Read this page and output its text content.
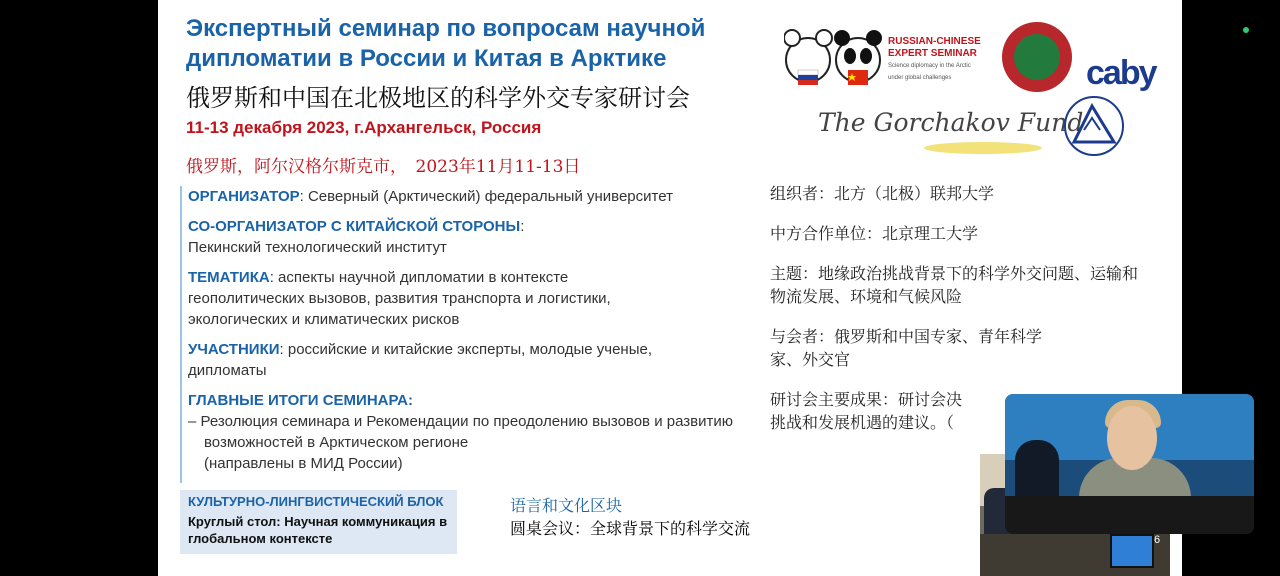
Экспертный семинар по вопросам научной дипломатии в России и Китая в Арктике
俄罗斯和中国在北极地区的科学外交专家研讨会
11-13 декабря 2023, г.Архангельск, Россия
俄罗斯，阿尔汉格尔斯克市，　2023年11月11-13日
RUSSIAN-CHINESE
EXPERT SEMINAR
Science diplomacy in the Arctic under global challenges	caby
The Gorchakov Fund
ОРГАНИЗАТОР: Северный (Арктический) федеральный университет
СО-ОРГАНИЗАТОР С КИТАЙСКОЙ СТОРОНЫ:
Пекинский технологический институт
ТЕМАТИКА: аспекты научной дипломатии в контексте геополитических вызовов, развития транспорта и логистики, экологических и климатических рисков
УЧАСТНИКИ: российские и китайские эксперты, молодые ученые, дипломаты
ГЛАВНЫЕ ИТОГИ СЕМИНАРА:
– Резолюция семинара и Рекомендации по преодолению вызовов и развитию возможностей в Арктическом регионе
(направлены в МИД России)
组织者：北方（北极）联邦大学
中方合作单位：北京理工大学
主题：地缘政治挑战背景下的科学外交问题、运输和物流发展、环境和气候风险
与会者：俄罗斯和中国专家、青年科学家、外交官
研讨会主要成果：研讨会决
挑战和发展机遇的建议。（
КУЛЬТУРНО-ЛИНГВИСТИЧЕСКИЙ БЛОК
Круглый стол: Научная коммуникация в глобальном контексте
语言和文化区块
圆桌会议：全球背景下的科学交流
6
